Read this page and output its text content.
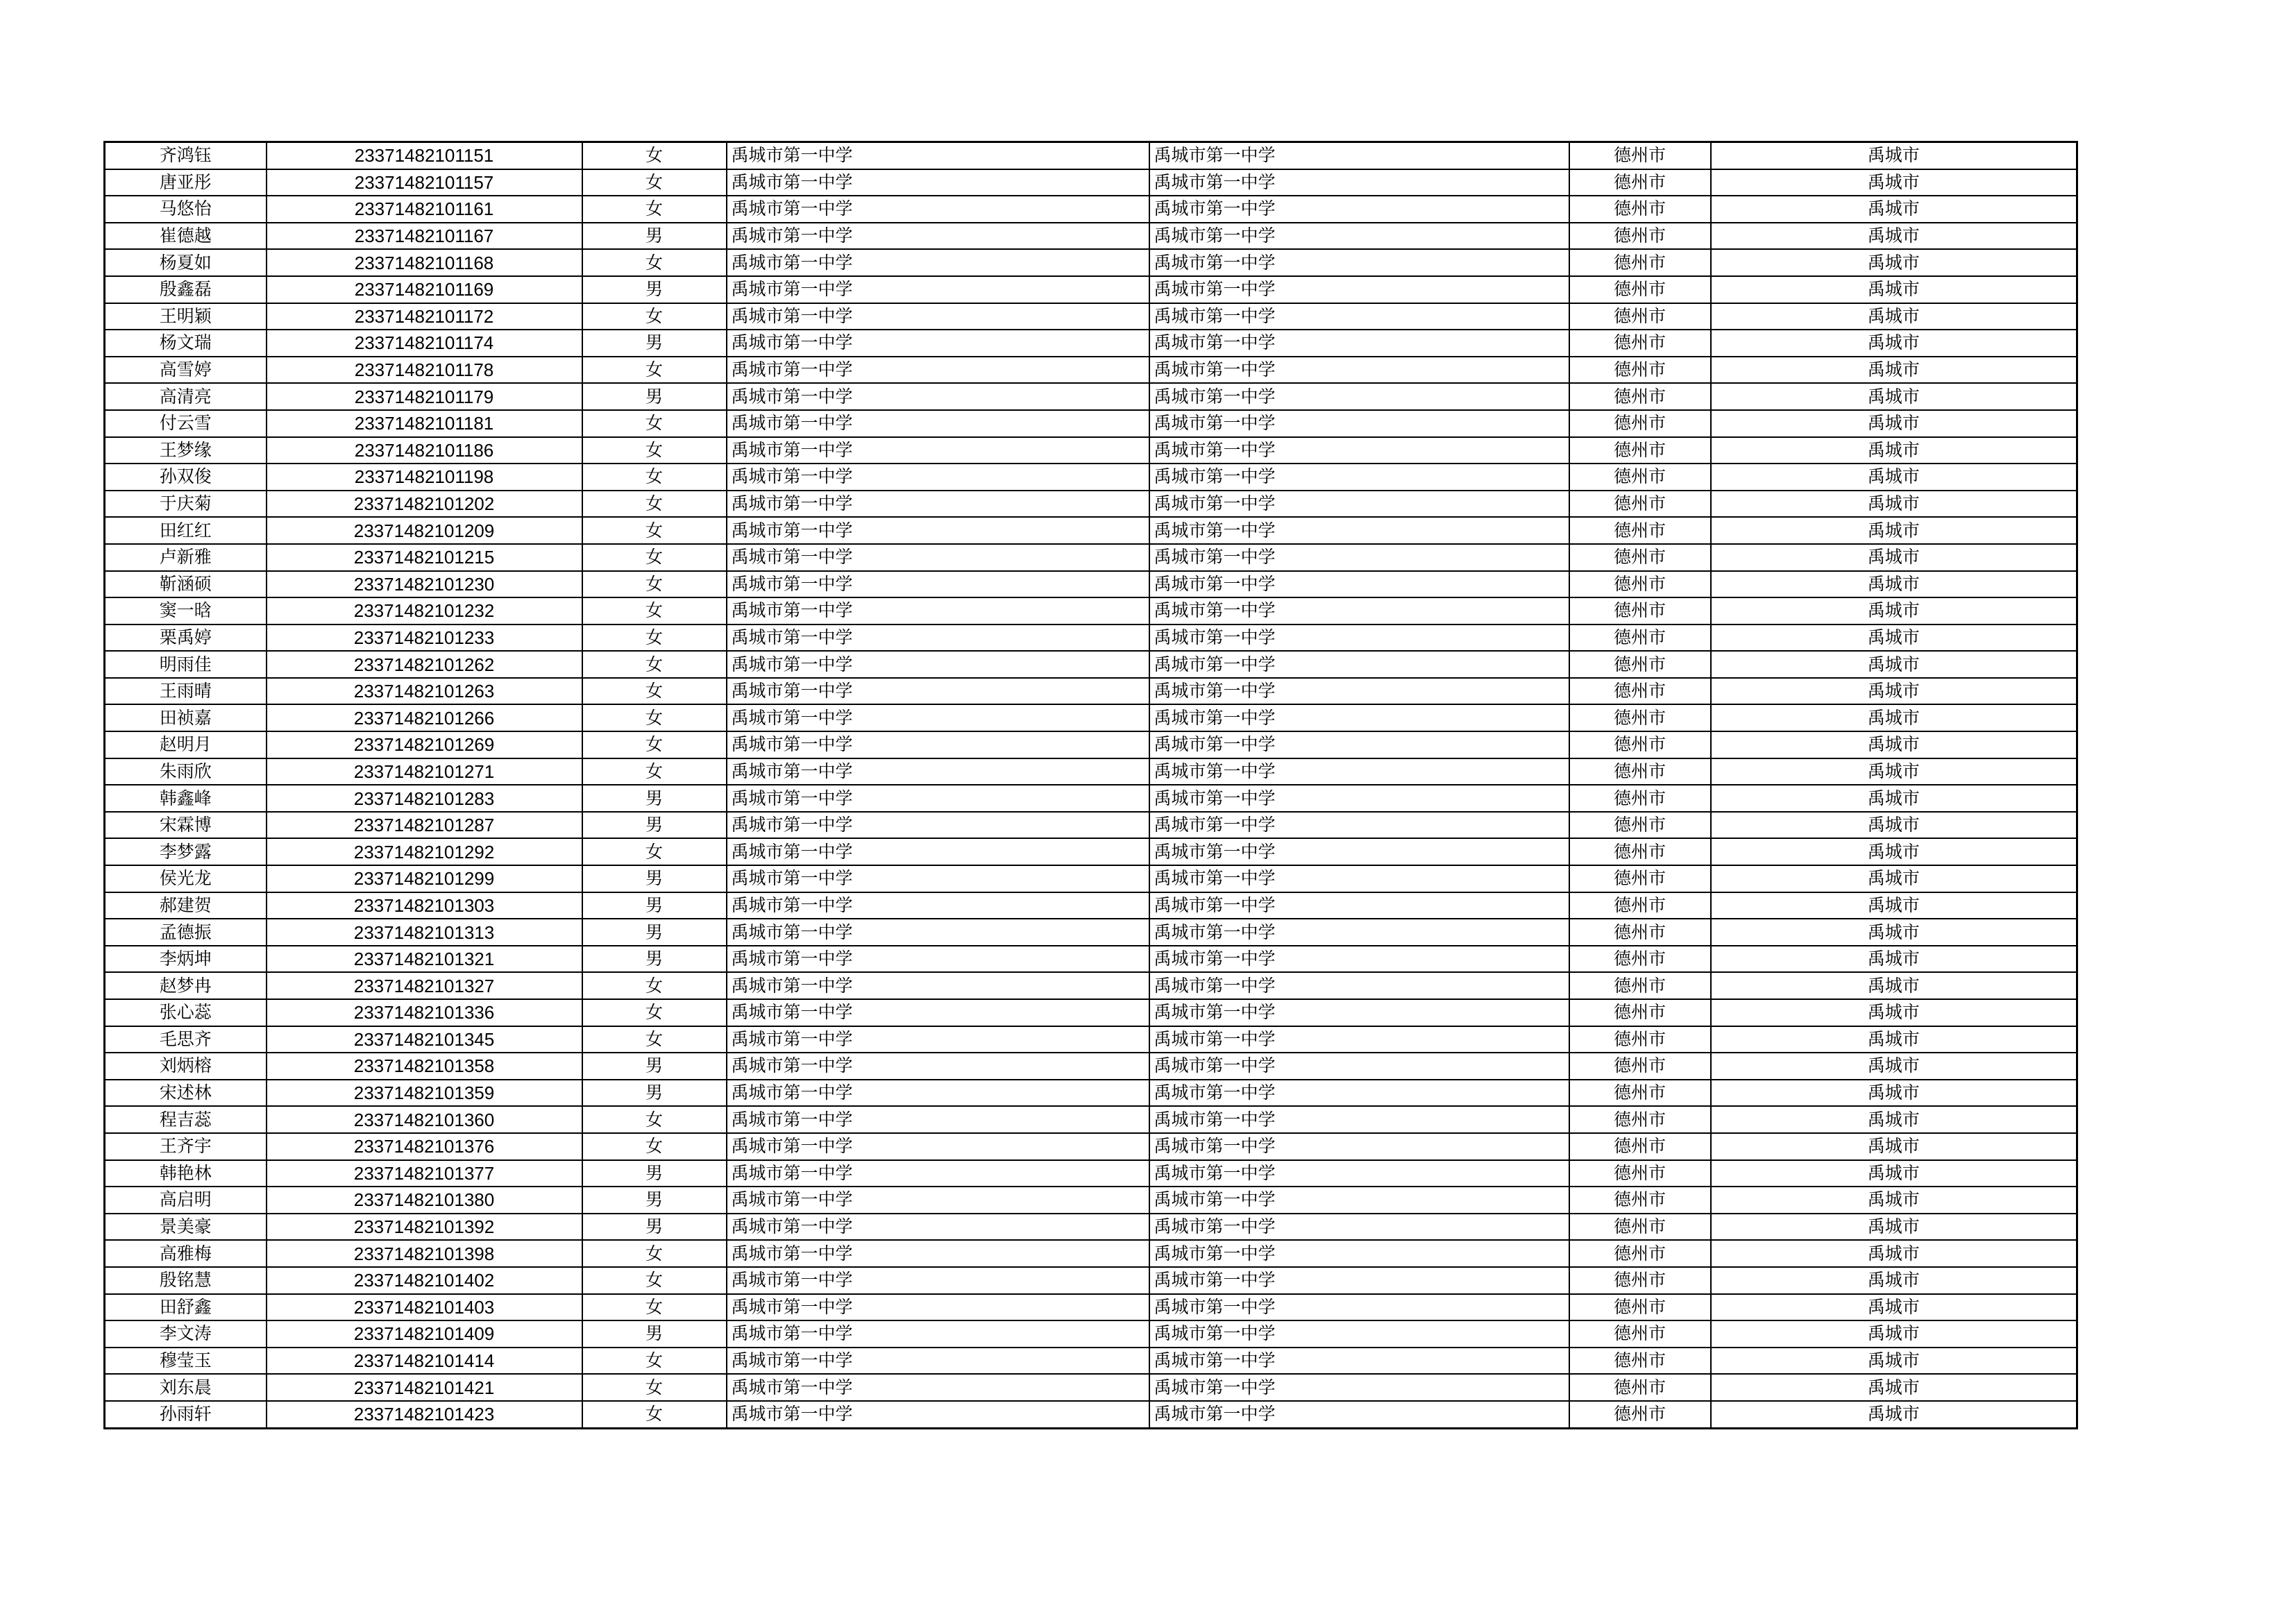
齐鸿钰	23371482101151	女	禹城市第一中学	禹城市第一中学	德州市	禹城市
唐亚彤	23371482101157	女	禹城市第一中学	禹城市第一中学	德州市	禹城市
马悠怡	23371482101161	女	禹城市第一中学	禹城市第一中学	德州市	禹城市
崔德越	23371482101167	男	禹城市第一中学	禹城市第一中学	德州市	禹城市
杨夏如	23371482101168	女	禹城市第一中学	禹城市第一中学	德州市	禹城市
殷鑫磊	23371482101169	男	禹城市第一中学	禹城市第一中学	德州市	禹城市
王明颖	23371482101172	女	禹城市第一中学	禹城市第一中学	德州市	禹城市
杨文瑞	23371482101174	男	禹城市第一中学	禹城市第一中学	德州市	禹城市
高雪婷	23371482101178	女	禹城市第一中学	禹城市第一中学	德州市	禹城市
高清亮	23371482101179	男	禹城市第一中学	禹城市第一中学	德州市	禹城市
付云雪	23371482101181	女	禹城市第一中学	禹城市第一中学	德州市	禹城市
王梦缘	23371482101186	女	禹城市第一中学	禹城市第一中学	德州市	禹城市
孙双俊	23371482101198	女	禹城市第一中学	禹城市第一中学	德州市	禹城市
于庆菊	23371482101202	女	禹城市第一中学	禹城市第一中学	德州市	禹城市
田红红	23371482101209	女	禹城市第一中学	禹城市第一中学	德州市	禹城市
卢新雅	23371482101215	女	禹城市第一中学	禹城市第一中学	德州市	禹城市
靳涵硕	23371482101230	女	禹城市第一中学	禹城市第一中学	德州市	禹城市
窦一晗	23371482101232	女	禹城市第一中学	禹城市第一中学	德州市	禹城市
栗禹婷	23371482101233	女	禹城市第一中学	禹城市第一中学	德州市	禹城市
明雨佳	23371482101262	女	禹城市第一中学	禹城市第一中学	德州市	禹城市
王雨晴	23371482101263	女	禹城市第一中学	禹城市第一中学	德州市	禹城市
田祯嘉	23371482101266	女	禹城市第一中学	禹城市第一中学	德州市	禹城市
赵明月	23371482101269	女	禹城市第一中学	禹城市第一中学	德州市	禹城市
朱雨欣	23371482101271	女	禹城市第一中学	禹城市第一中学	德州市	禹城市
韩鑫峰	23371482101283	男	禹城市第一中学	禹城市第一中学	德州市	禹城市
宋霖博	23371482101287	男	禹城市第一中学	禹城市第一中学	德州市	禹城市
李梦露	23371482101292	女	禹城市第一中学	禹城市第一中学	德州市	禹城市
侯光龙	23371482101299	男	禹城市第一中学	禹城市第一中学	德州市	禹城市
郝建贺	23371482101303	男	禹城市第一中学	禹城市第一中学	德州市	禹城市
孟德振	23371482101313	男	禹城市第一中学	禹城市第一中学	德州市	禹城市
李炳坤	23371482101321	男	禹城市第一中学	禹城市第一中学	德州市	禹城市
赵梦冉	23371482101327	女	禹城市第一中学	禹城市第一中学	德州市	禹城市
张心蕊	23371482101336	女	禹城市第一中学	禹城市第一中学	德州市	禹城市
毛思齐	23371482101345	女	禹城市第一中学	禹城市第一中学	德州市	禹城市
刘炳榕	23371482101358	男	禹城市第一中学	禹城市第一中学	德州市	禹城市
宋述林	23371482101359	男	禹城市第一中学	禹城市第一中学	德州市	禹城市
程吉蕊	23371482101360	女	禹城市第一中学	禹城市第一中学	德州市	禹城市
王齐宇	23371482101376	女	禹城市第一中学	禹城市第一中学	德州市	禹城市
韩艳林	23371482101377	男	禹城市第一中学	禹城市第一中学	德州市	禹城市
高启明	23371482101380	男	禹城市第一中学	禹城市第一中学	德州市	禹城市
景美豪	23371482101392	男	禹城市第一中学	禹城市第一中学	德州市	禹城市
高雅梅	23371482101398	女	禹城市第一中学	禹城市第一中学	德州市	禹城市
殷铭慧	23371482101402	女	禹城市第一中学	禹城市第一中学	德州市	禹城市
田舒鑫	23371482101403	女	禹城市第一中学	禹城市第一中学	德州市	禹城市
李文涛	23371482101409	男	禹城市第一中学	禹城市第一中学	德州市	禹城市
穆莹玉	23371482101414	女	禹城市第一中学	禹城市第一中学	德州市	禹城市
刘东晨	23371482101421	女	禹城市第一中学	禹城市第一中学	德州市	禹城市
孙雨轩	23371482101423	女	禹城市第一中学	禹城市第一中学	德州市	禹城市
